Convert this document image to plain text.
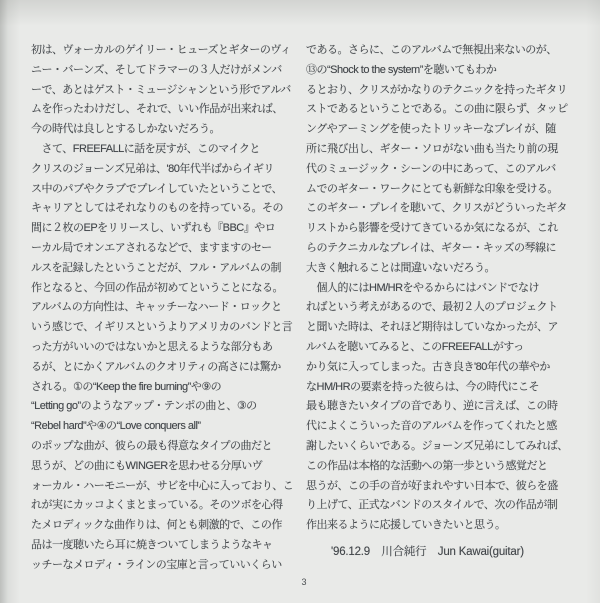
初は、ヴォーカルのゲイリー・ヒューズとギターのヴィ
ニー・バーンズ、そしてドラマーの３人だけがメンバ
ーで、あとはゲスト・ミュージシャンという形でアルバ
ムを作ったわけだし、それで、いい作品が出来れば、
今の時代は良しとするしかないだろう。
　さて、FREEFALLに話を戻すが、このマイクと
クリスのジョーンズ兄弟は、'80年代半ばからイギリ
ス中のパブやクラブでプレイしていたということで、
キャリアとしてはそれなりのものを持っている。その
間に２枚のEPをリリースし、いずれも『BBC』やロ
ーカル局でオンエアされるなどで、ますますのセー
ルスを記録したということだが、フル・アルバムの制
作となると、今回の作品が初めてということになる。
アルバムの方向性は、キャッチーなハード・ロックと
いう感じで、イギリスというよりアメリカのバンドと言
った方がいいのではないかと思えるような部分もあ
るが、とにかくアルバムのクオリティの高さには驚か
される。①の“Keep the fire burning”や⑨の
“Letting go”のようなアップ・テンポの曲と、③の
“Rebel hard”や④の“Love conquers all”
のポップな曲が、彼らの最も得意なタイプの曲だと
思うが、どの曲にもWINGERを思わせる分厚いヴ
ォーカル・ハーモニーが、サビを中心に入っており、こ
れが実にカッコよくまとまっている。そのツボを心得
たメロディックな曲作りは、何とも刺激的で、この作
品は一度聴いたら耳に焼きついてしまうようなキャ
ッチーなメロディ・ラインの宝庫と言っていいくらい
である。さらに、このアルバムで無視出来ないのが、
⑬の“Shock to the system”を聴いてもわか
るとおり、クリスがかなりのテクニックを持ったギタリ
ストであるということである。この曲に限らず、タッピ
ングやアーミングを使ったトリッキーなプレイが、随
所に飛び出し、ギター・ソロがない曲も当たり前の現
代のミュージック・シーンの中にあって、このアルバ
ムでのギター・ワークにとても新鮮な印象を受ける。
このギター・プレイを聴いて、クリスがどういったギタ
リストから影響を受けてきているか気になるが、これ
らのテクニカルなプレイは、ギター・キッズの琴線に
大きく触れることは間違いないだろう。
　個人的にはHM/HRをやるからにはバンドでなけ
ればという考えがあるので、最初２人のプロジェクト
と聞いた時は、それほど期待はしていなかったが、ア
ルバムを聴いてみると、このFREEFALLがすっ
かり気に入ってしまった。古き良き'80年代の華やか
なHM/HRの要素を持った彼らは、今の時代にこそ
最も聴きたいタイプの音であり、逆に言えば、この時
代によくこういった音のアルバムを作ってくれたと感
謝したいくらいである。ジョーンズ兄弟にしてみれば、
この作品は本格的な活動への第一歩という感覚だと
思うが、この手の音が好まれやすい日本で、彼らを盛
り上げて、正式なバンドのスタイルで、次の作品が制
作出来るように応援していきたいと思う。
'96.12.9　川合純行　Jun Kawai(guitar)
3
